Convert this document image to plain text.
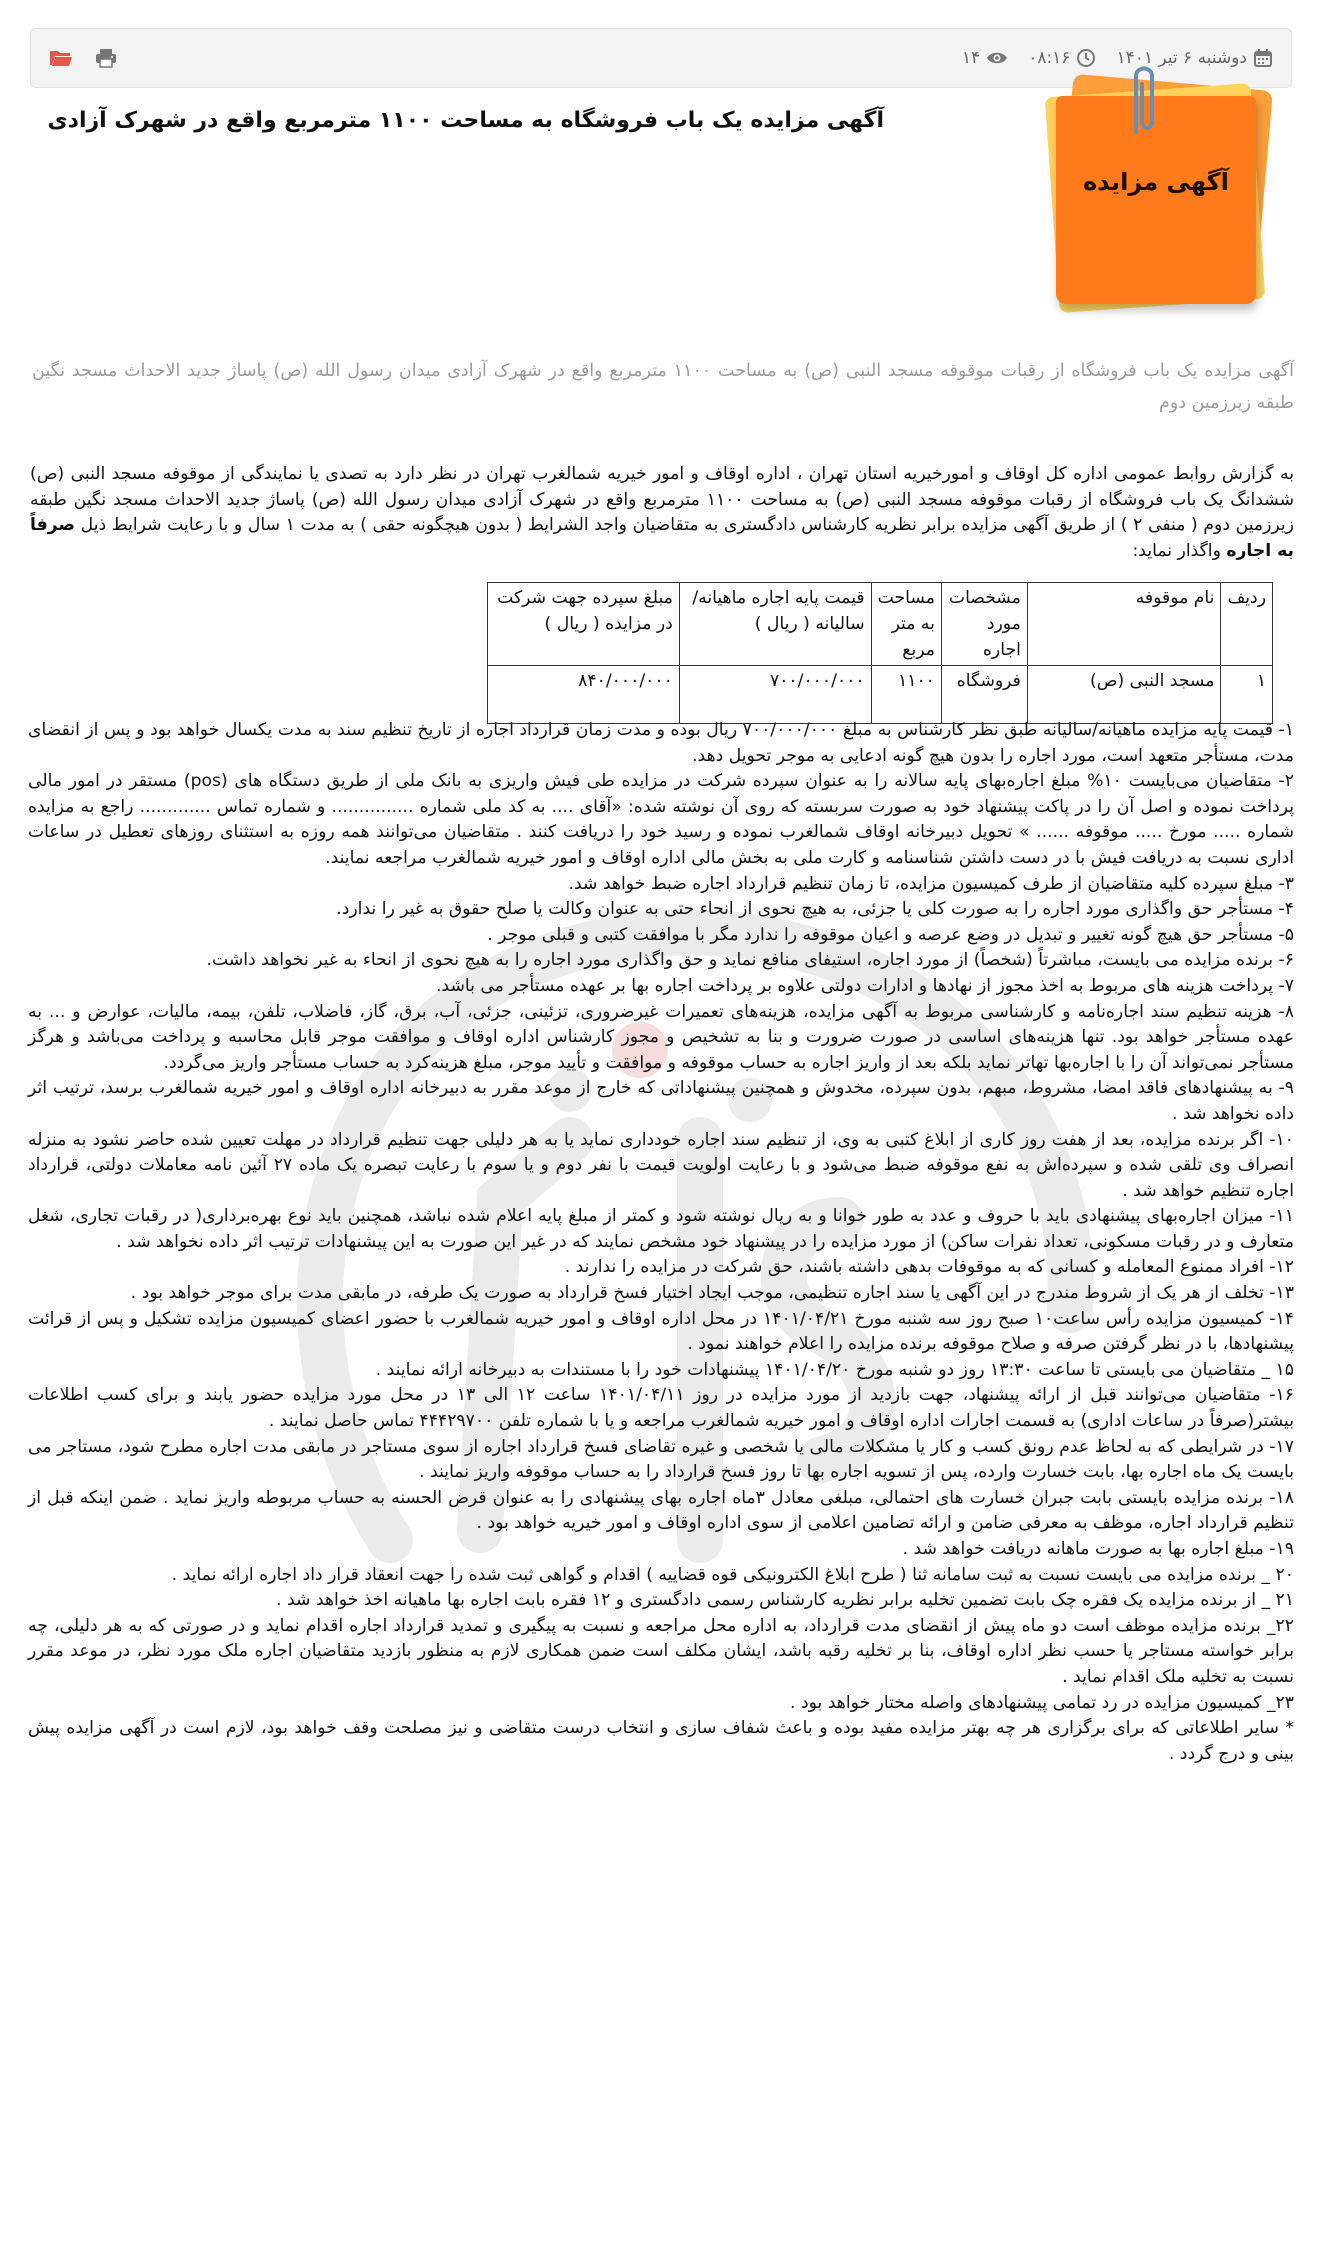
دوشنبه ۶ تیر ۱۴۰۱
۰۸:۱۶
۱۴
آگهی مزایده یک باب فروشگاه به مساحت ۱۱۰۰ مترمربع واقع در شهرک آزادی
آگهی مزایده
آگهی مزایده یک باب فروشگاه از رقبات موقوفه مسجد النبی (ص) به مساحت ۱۱۰۰ مترمربع واقع در شهرک آزادی میدان رسول الله (ص) پاساژ جدید الاحداث مسجد نگین طبقه زیرزمین دوم

به گزارش روابط عمومی اداره کل اوقاف و امورخیریه استان تهران ، اداره اوقاف و امور خیریه شمالغرب تهران در نظر دارد به تصدی یا نمایندگی از موقوفه مسجد النبی (ص) ششدانگ یک باب فروشگاه از رقبات موقوفه مسجد النبی (ص) به مساحت ۱۱۰۰ مترمربع واقع در شهرک آزادی میدان رسول الله (ص) پاساژ جدید الاحداث مسجد نگین طبقه زیرزمین دوم ( منفی ۲ ) از طریق آگهی مزایده برابر نظریه کارشناس دادگستری به متقاضیان واجد الشرایط ( بدون هیچگونه حقی ) به مدت ۱ سال و با رعایت شرایط ذیل صرفاً به اجاره واگذار نماید:

ردیف	نام موقوفه	مشخصات مورد اجاره	مساحت به متر مربع	قیمت پایه اجاره ماهیانه/سالیانه ( ریال )	مبلغ سپرده جهت شرکت در مزایده ( ریال )
۱	مسجد النبی (ص)	فروشگاه	۱۱۰۰	۷۰۰/۰۰۰/۰۰۰	۸۴۰/۰۰۰/۰۰۰

۱- قیمت پایه مزایده ماهیانه/سالیانه طبق نظر کارشناس به مبلغ ۷۰۰/۰۰۰/۰۰۰ ریال بوده و مدت زمان قرارداد اجاره از تاریخ تنظیم سند به مدت یکسال خواهد بود و پس از انقضای مدت، مستأجر متعهد است، مورد اجاره را بدون هیچ گونه ادعایی به موجر تحویل دهد.

۲- متقاضیان می‌بایست ۱۰% مبلغ اجاره‌بهای پایه سالانه را به عنوان سپرده شرکت در مزایده طی فیش واریزی به بانک ملی از طریق دستگاه های (pos) مستقر در امور مالی پرداخت نموده و اصل آن را در پاکت پیشنهاد خود به صورت سربسته که روی آن نوشته شده: «آقای .... به کد ملی شماره ............... و شماره تماس ............. راجع به مزایده شماره ..... مورخ ..... موقوفه ...... » تحویل دبیرخانه اوقاف شمالغرب نموده و رسید خود را دریافت کنند . متقاضیان می‌توانند همه روزه به استثنای روزهای تعطیل در ساعات اداری نسبت به دریافت فیش با در دست داشتن شناسنامه و کارت ملی به بخش مالی اداره اوقاف و امور خیریه شمالغرب مراجعه نمایند.

۳- مبلغ سپرده کلیه متقاضیان از طرف کمیسیون مزایده، تا زمان تنظیم قرارداد اجاره ضبط خواهد شد.

۴- مستأجر حق واگذاری مورد اجاره را به صورت کلی یا جزئی، به هیچ نحوی از انحاء حتی به عنوان وکالت یا صلح حقوق به غیر را ندارد.

۵- مستأجر حق هیچ گونه تغییر و تبدیل در وضع عرصه و اعیان موقوفه را ندارد مگر با موافقت کتبی و قبلی موجر .

۶- برنده مزایده می بایست، مباشرتاً (شخصاً) از مورد اجاره، استیفای منافع نماید و حق واگذاری مورد اجاره را به هیچ نحوی از انحاء به غیر نخواهد داشت.

۷- پرداخت هزینه های مربوط به اخذ مجوز از نهادها و ادارات دولتی علاوه بر پرداخت اجاره بها بر عهده مستأجر می باشد.

۸- هزینه تنظیم سند اجاره‌نامه و کارشناسی مربوط به آگهی مزایده، هزینه‌های تعمیرات غیرضروری، تزئینی، جزئی، آب، برق، گاز، فاضلاب، تلفن، بیمه، مالیات، عوارض و ... به عهده مستأجر خواهد بود. تنها هزینه‌های اساسی در صورت ضرورت و بنا به تشخیص و مجوز کارشناس اداره اوقاف و موافقت موجر قابل محاسبه و پرداخت می‌باشد و هرگز مستأجر نمی‌تواند آن را با اجاره‌بها تهاتر نماید بلکه بعد از واریز اجاره به حساب موقوفه و موافقت و تأیید موجر، مبلغ هزینه‌کرد به حساب مستأجر واریز می‌گردد.

۹- به پیشنهادهای فاقد امضا، مشروط، مبهم، بدون سپرده، مخدوش و همچنین پیشنهاداتی که خارج از موعد مقرر به دبیرخانه اداره اوقاف و امور خیریه شمالغرب برسد، ترتیب اثر داده نخواهد شد .

۱۰- اگر برنده مزایده، بعد از هفت روز کاری از ابلاغ کتبی به وی، از تنظیم سند اجاره خودداری نماید یا به هر دلیلی جهت تنظیم قرارداد در مهلت تعیین شده حاضر نشود به منزله انصراف وی تلقی شده و سپرده‌اش به نفع موقوفه ضبط می‌شود و با رعایت اولویت قیمت با نفر دوم و یا سوم با رعایت تبصره یک ماده ۲۷ آئین نامه معاملات دولتی، قرارداد اجاره تنظیم خواهد شد .

۱۱- میزان اجاره‌بهای پیشنهادی باید با حروف و عدد به طور خوانا و به ریال نوشته شود و کمتر از مبلغ پایه اعلام شده نباشد، همچنین باید نوع بهره‌برداری( در رقبات تجاری، شغل متعارف و در رقبات مسکونی، تعداد نفرات ساکن) از مورد مزایده را در پیشنهاد خود مشخص نمایند که در غیر این صورت به این پیشنهادات ترتیب اثر داده نخواهد شد .

۱۲- افراد ممنوع المعامله و کسانی که به موقوفات بدهی داشته باشند، حق شرکت در مزایده را ندارند .

۱۳- تخلف از هر یک از شروط مندرج در این آگهی یا سند اجاره تنظیمی، موجب ایجاد اختیار فسخ قرارداد به صورت یک طرفه، در مابقی مدت برای موجر خواهد بود .

۱۴- کمیسیون مزایده رأس ساعت۱۰ صبح روز سه شنبه مورخ ۱۴۰۱/۰۴/۲۱ در محل اداره اوقاف و امور خیریه شمالغرب با حضور اعضای کمیسیون مزایده تشکیل و پس از قرائت پیشنهادها، با در نظر گرفتن صرفه و صلاح موقوفه برنده مزایده را اعلام خواهند نمود .

۱۵ _ متقاضیان می بایستی تا ساعت ۱۳:۳۰ روز دو شنبه مورخ ۱۴۰۱/۰۴/۲۰ پیشنهادات خود را با مستندات به دبیرخانه ارائه نمایند .

۱۶- متقاضیان می‌توانند قبل از ارائه پیشنهاد، جهت بازدید از مورد مزایده در روز ۱۴۰۱/۰۴/۱۱ ساعت ۱۲ الی ۱۳ در محل مورد مزایده حضور یابند و برای کسب اطلاعات بیشتر(صرفاً در ساعات اداری) به قسمت اجارات اداره اوقاف و امور خیریه شمالغرب مراجعه و یا با شماره تلفن ۴۴۴۲۹۷۰۰ تماس حاصل نمایند .

۱۷- در شرایطی که به لحاظ عدم رونق کسب و کار یا مشکلات مالی یا شخصی و غیره تقاضای فسخ قرارداد اجاره از سوی مستاجر در مابقی مدت اجاره مطرح شود، مستاجر می بایست یک ماه اجاره بها، بابت خسارت وارده، پس از تسویه اجاره بها تا روز فسخ قرارداد را به حساب موقوفه واریز نمایند .

۱۸- برنده مزایده بایستی بابت جبران خسارت های احتمالی، مبلغی معادل ۳ماه اجاره بهای پیشنهادی را به عنوان قرض الحسنه به حساب مربوطه واریز نماید . ضمن اینکه قبل از تنظیم قرارداد اجاره، موظف به معرفی ضامن و ارائه تضامین اعلامی از سوی اداره اوقاف و امور خیریه خواهد بود .

۱۹- مبلغ اجاره بها به صورت ماهانه دریافت خواهد شد .

۲۰ _ برنده مزایده می بایست نسبت به ثبت سامانه ثنا ( طرح ابلاغ الکترونیکی قوه قضاییه ) اقدام و گواهی ثبت شده را جهت انعقاد قرار داد اجاره ارائه نماید .

۲۱ _ از برنده مزایده یک فقره چک بابت تضمین تخلیه برابر نظریه کارشناس رسمی دادگستری و ۱۲ فقره بابت اجاره بها ماهیانه اخذ خواهد شد .

۲۲_ برنده مزایده موظف است دو ماه پیش از انقضای مدت قرارداد، به اداره محل مراجعه و نسبت به پیگیری و تمدید قرارداد اجاره اقدام نماید و در صورتی که به هر دلیلی، چه برابر خواسته مستاجر یا حسب نظر اداره اوقاف، بنا بر تخلیه رقبه باشد، ایشان مکلف است ضمن همکاری لازم به منظور بازدید متقاضیان اجاره ملک مورد نظر، در موعد مقرر نسبت به تخلیه ملک اقدام نماید .

۲۳_ کمیسیون مزایده در رد تمامی پیشنهادهای واصله مختار خواهد بود .

* سایر اطلاعاتی که برای برگزاری هر چه بهتر مزایده مفید بوده و باعث شفاف سازی و انتخاب درست متقاضی و نیز مصلحت وقف خواهد بود، لازم است در آگهی مزایده پیش بینی و درج گردد .
